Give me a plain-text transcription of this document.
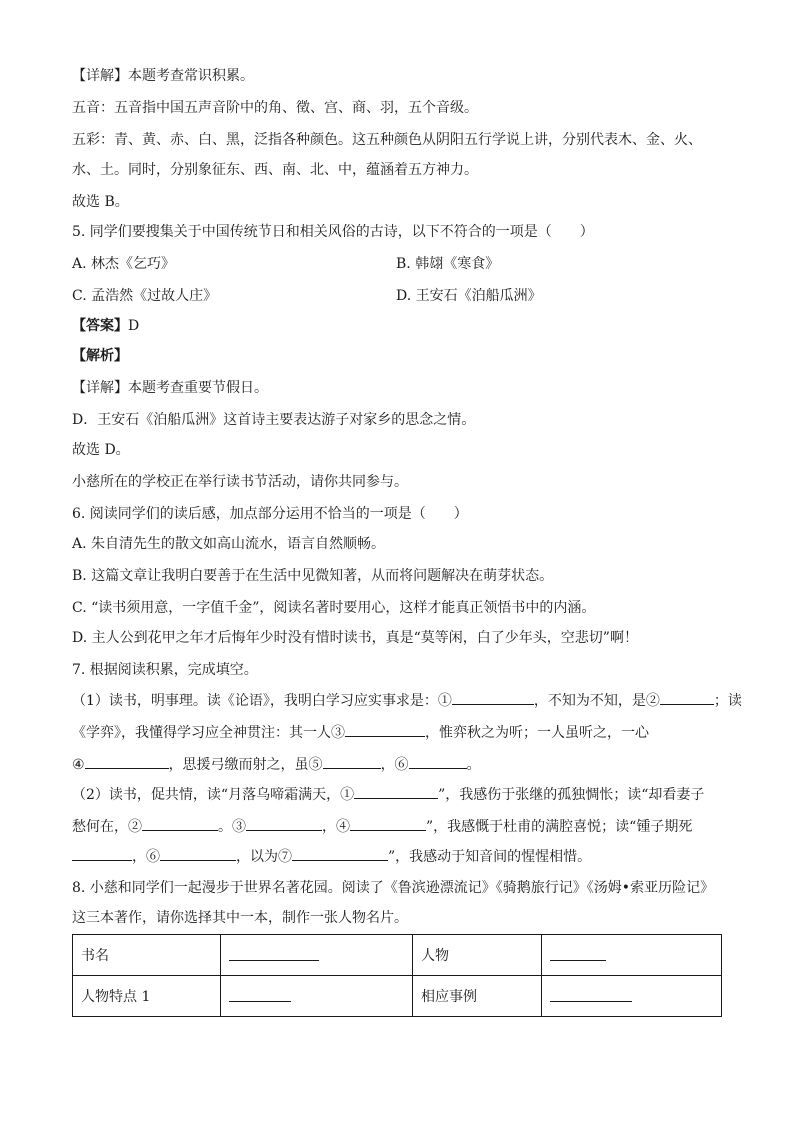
【详解】本题考查常识积累。
五音：五音指中国五声音阶中的角、徵、宫、商、羽，五个音级。
五彩：青、黄、赤、白、黑，泛指各种颜色。这五种颜色从阴阳五行学说上讲，分别代表木、金、火、
水、土。同时，分别象征东、西、南、北、中，蕴涵着五方神力。
故选 B。
5. 同学们要搜集关于中国传统节日和相关风俗的古诗，以下不符合的一项是（　　）
A. 林杰《乞巧》	B. 韩翃《寒食》
C. 孟浩然《过故人庄》	D. 王安石《泊船瓜洲》
【答案】D
【解析】
【详解】本题考查重要节假日。
D．王安石《泊船瓜洲》这首诗主要表达游子对家乡的思念之情。
故选 D。
小慈所在的学校正在举行读书节活动，请你共同参与。
6. 阅读同学们的读后感，加点部分运用不恰当的一项是（　　）
A. 朱自清先生的散文如高山流水，语言自然顺畅。
B. 这篇文章让我明白要善于在生活中见微知著，从而将问题解决在萌芽状态。
C. “读书须用意，一字值千金”，阅读名著时要用心，这样才能真正领悟书中的内涵。
D. 主人公到花甲之年才后悔年少时没有惜时读书，真是“莫等闲，白了少年头，空悲切”啊！
7. 根据阅读积累，完成填空。
（1）读书，明事理。读《论语》，我明白学习应实事求是：①	，不知为不知，是②	；读
《学弈》，我懂得学习应全神贯注：其一人③	，惟弈秋之为听；一人虽听之，一心
④	，思援弓缴而射之，虽⑤	，⑥	。
（2）读书，促共情，读“月落乌啼霜满天，①	”，我感伤于张继的孤独惆怅；读“却看妻子
愁何在，②	。③	，④	”，我感慨于杜甫的满腔喜悦；读“锺子期死
，⑥	，以为⑦	”，我感动于知音间的惺惺相惜。
8. 小慈和同学们一起漫步于世界名著花园。阅读了《鲁滨逊漂流记》《骑鹅旅行记》《汤姆•索亚历险记》
这三本著作，请你选择其中一本，制作一张人物名片。
书名		人物	
人物特点 1		相应事例	
